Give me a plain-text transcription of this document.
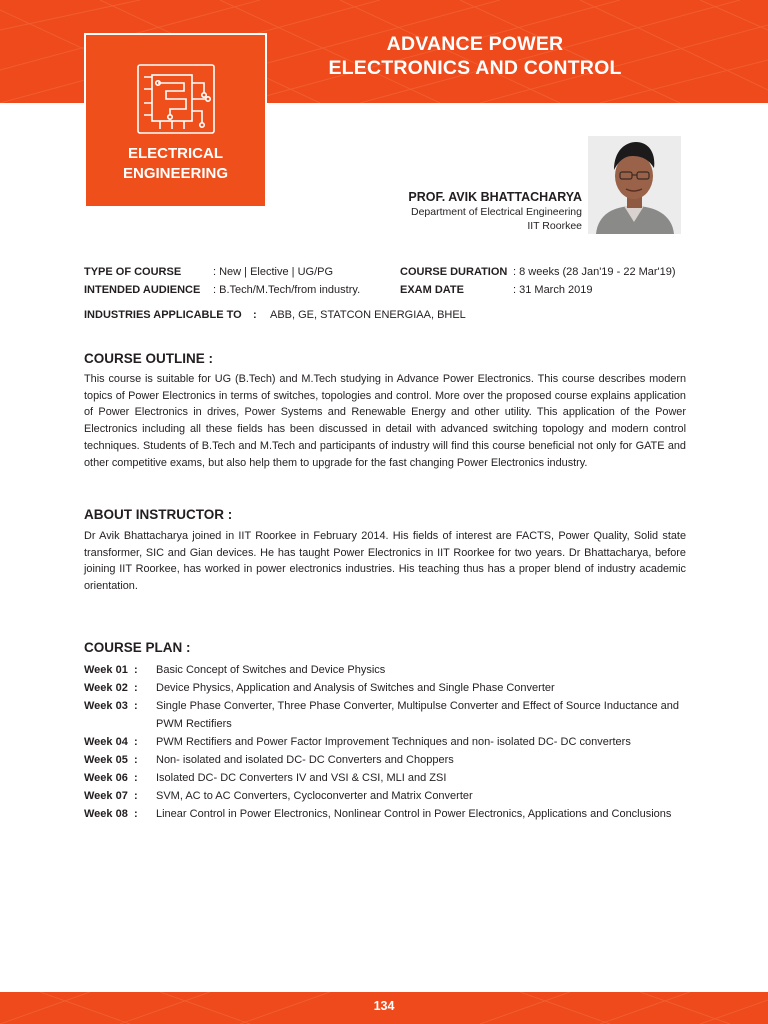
ADVANCE POWER
ELECTRONICS AND CONTROL
ELECTRICAL
ENGINEERING
PROF. AVIK BHATTACHARYA
Department of Electrical Engineering
IIT Roorkee
TYPE OF COURSE	: New | Elective | UG/PG
INTENDED AUDIENCE : B.Tech/M.Tech/from industry.
COURSE DURATION : 8 weeks (28 Jan'19 - 22 Mar'19)
EXAM DATE	: 31 March 2019
INDUSTRIES APPLICABLE TO : ABB, GE, STATCON ENERGIAA, BHEL
COURSE OUTLINE :
This course is suitable for UG (B.Tech) and M.Tech studying in Advance Power Electronics. This course describes modern topics of Power Electronics in terms of switches, topologies and control. More over the proposed course explains application of Power Electronics in drives, Power Systems and Renewable Energy and other utility. This application of the Power Electronics including all these fields has been discussed in detail with advanced switching topology and modern control techniques. Students of B.Tech and M.Tech and participants of industry will find this course beneficial not only for GATE and other competitive exams, but also help them to upgrade for the fast changing Power Electronics industry.
ABOUT INSTRUCTOR :
Dr Avik Bhattacharya joined in IIT Roorkee in February 2014. His fields of interest are FACTS, Power Quality, Solid state transformer, SIC and Gian devices. He has taught Power Electronics in IIT Roorkee for two years. Dr Bhattacharya, before joining IIT Roorkee, has worked in power electronics industries. His teaching thus has a proper blend of industry academic orientation.
COURSE PLAN :
Week 01 :	Basic Concept of Switches and Device Physics
Week 02 :	Device Physics, Application and Analysis of Switches and Single Phase Converter
Week 03 :	Single Phase Converter, Three Phase Converter, Multipulse Converter and Effect of Source Inductance and PWM Rectifiers
Week 04 :	PWM Rectifiers and Power Factor Improvement Techniques and non- isolated DC- DC converters
Week 05 :	Non- isolated and isolated DC- DC Converters and Choppers
Week 06 :	Isolated DC- DC Converters IV and VSI & CSI, MLI and ZSI
Week 07 :	SVM, AC to AC Converters, Cycloconverter and Matrix Converter
Week 08 :	Linear Control in Power Electronics, Nonlinear Control in Power Electronics, Applications and Conclusions
134
